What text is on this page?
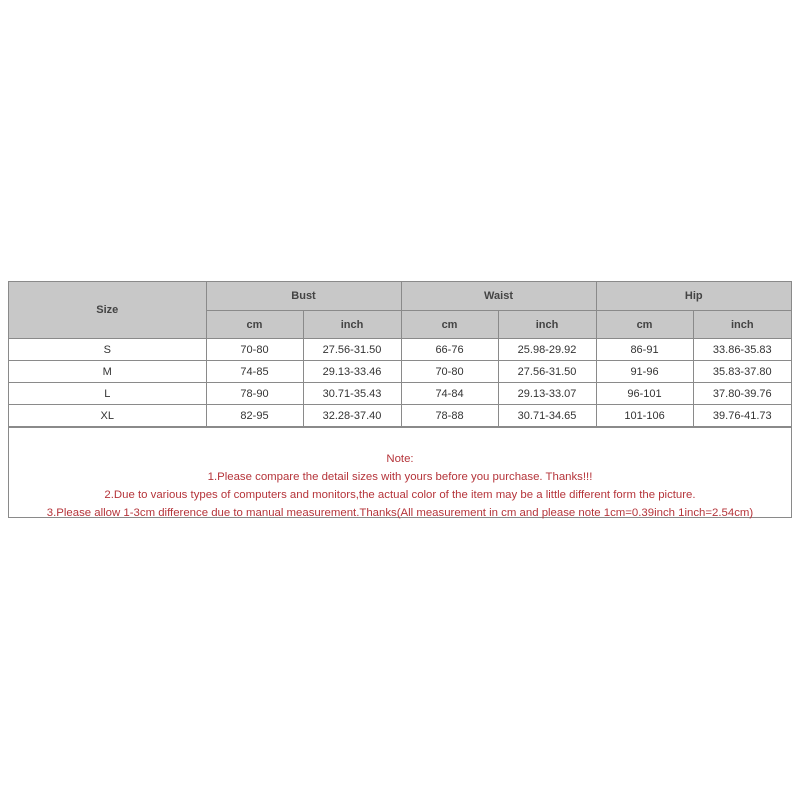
Size	Bust		Waist		Hip	
	cm	inch	cm	inch	cm	inch
S	70-80	27.56-31.50	66-76	25.98-29.92	86-91	33.86-35.83
M	74-85	29.13-33.46	70-80	27.56-31.50	91-96	35.83-37.80
L	78-90	30.71-35.43	74-84	29.13-33.07	96-101	37.80-39.76
XL	82-95	32.28-37.40	78-88	30.71-34.65	101-106	39.76-41.73
Note:
1.Please compare the detail sizes with yours before you purchase. Thanks!!!
2.Due to various types of computers and monitors,the actual color of the item may be a little different form the picture.
3.Please allow 1-3cm difference due to manual measurement.Thanks(All measurement in cm and please note 1cm=0.39inch 1inch=2.54cm)
